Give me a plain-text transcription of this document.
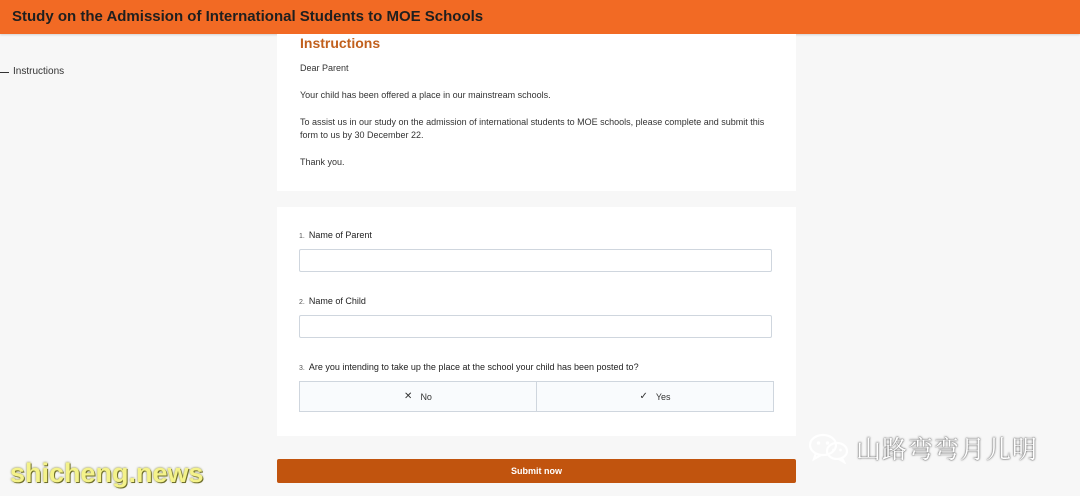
Study on the Admission of International Students to MOE Schools
Instructions
Instructions
Dear Parent
Your child has been offered a place in our mainstream schools.
To assist us in our study on the admission of international students to MOE schools, please complete and submit this form to us by 30 December 22.
Thank you.
1. Name of Parent
2. Name of Child
3. Are you intending to take up the place at the school your child has been posted to?
✕ No	✓ Yes
Submit now
shicheng.news
山路弯弯月儿明
